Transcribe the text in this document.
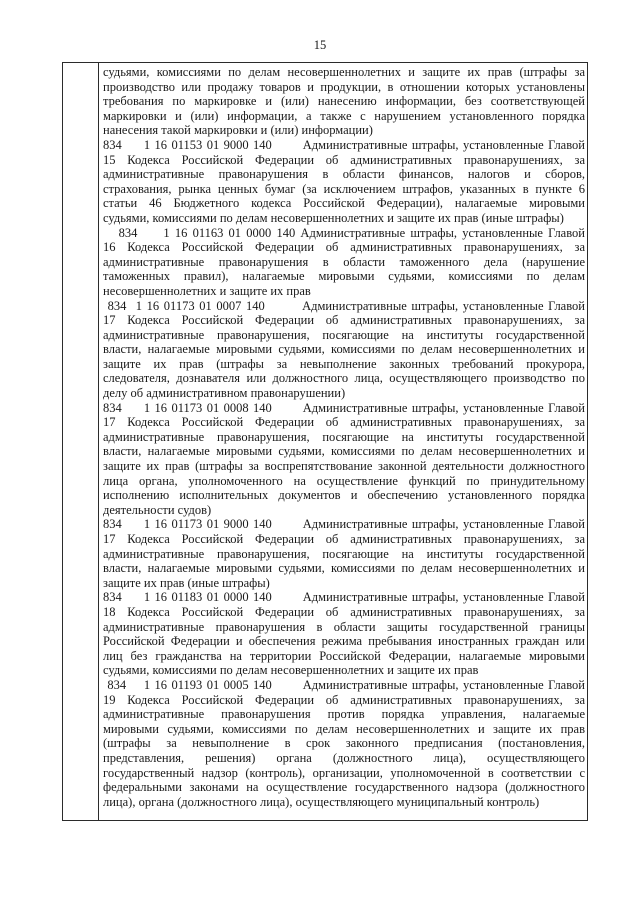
15
судьями, комиссиями по делам несовершеннолетних и защите их прав (штрафы за
производство или продажу товаров и продукции, в отношении которых установлены
требования по маркировке и (или) нанесению информации, без соответствующей
маркировки и (или) информации, а также с нарушением установленного порядка
нанесения такой маркировки и (или) информации)
834     1 16 01153 01 9000 140       Административные штрафы, установленные Главой
15 Кодекса Российской Федерации об административных правонарушениях, за
административные правонарушения в области финансов, налогов и сборов,
страхования, рынка ценных бумаг (за исключением штрафов, указанных в пункте 6
статьи 46 Бюджетного кодекса Российской Федерации), налагаемые мировыми
судьями, комиссиями по делам несовершеннолетних и защите их прав (иные штрафы)
834     1 16 01163 01 0000 140 Административные штрафы, установленные Главой
16 Кодекса Российской Федерации об административных правонарушениях, за
административные правонарушения в области таможенного дела (нарушение
таможенных правил), налагаемые мировыми судьями, комиссиями по делам
несовершеннолетних и защите их прав
834  1 16 01173 01 0007 140        Административные штрафы, установленные Главой
17 Кодекса Российской Федерации об административных правонарушениях, за
административные правонарушения, посягающие на институты государственной
власти, налагаемые мировыми судьями, комиссиями по делам несовершеннолетних и
защите их прав (штрафы за невыполнение законных требований прокурора,
следователя, дознавателя или должностного лица, осуществляющего производство по
делу об административном правонарушении)
834     1 16 01173 01 0008 140       Административные штрафы, установленные Главой
17 Кодекса Российской Федерации об административных правонарушениях, за
административные правонарушения, посягающие на институты государственной
власти, налагаемые мировыми судьями, комиссиями по делам несовершеннолетних и
защите их прав (штрафы за воспрепятствование законной деятельности должностного
лица органа, уполномоченного на осуществление функций по принудительному
исполнению исполнительных документов и обеспечению установленного порядка
деятельности судов)
834     1 16 01173 01 9000 140       Административные штрафы, установленные Главой
17 Кодекса Российской Федерации об административных правонарушениях, за
административные правонарушения, посягающие на институты государственной
власти, налагаемые мировыми судьями, комиссиями по делам несовершеннолетних и
защите их прав (иные штрафы)
834     1 16 01183 01 0000 140       Административные штрафы, установленные Главой
18 Кодекса Российской Федерации об административных правонарушениях, за
административные правонарушения в области защиты государственной границы
Российской Федерации и обеспечения режима пребывания иностранных граждан или
лиц без гражданства на территории Российской Федерации, налагаемые мировыми
судьями, комиссиями по делам несовершеннолетних и защите их прав
834    1 16 01193 01 0005 140       Административные штрафы, установленные Главой
19 Кодекса Российской Федерации об административных правонарушениях, за
административные правонарушения против порядка управления, налагаемые
мировыми судьями, комиссиями по делам несовершеннолетних и защите их прав
(штрафы за невыполнение в срок законного предписания (постановления,
представления, решения) органа (должностного лица), осуществляющего
государственный надзор (контроль), организации, уполномоченной в соответствии с
федеральными законами на осуществление государственного надзора (должностного
лица), органа (должностного лица), осуществляющего муниципальный контроль)
